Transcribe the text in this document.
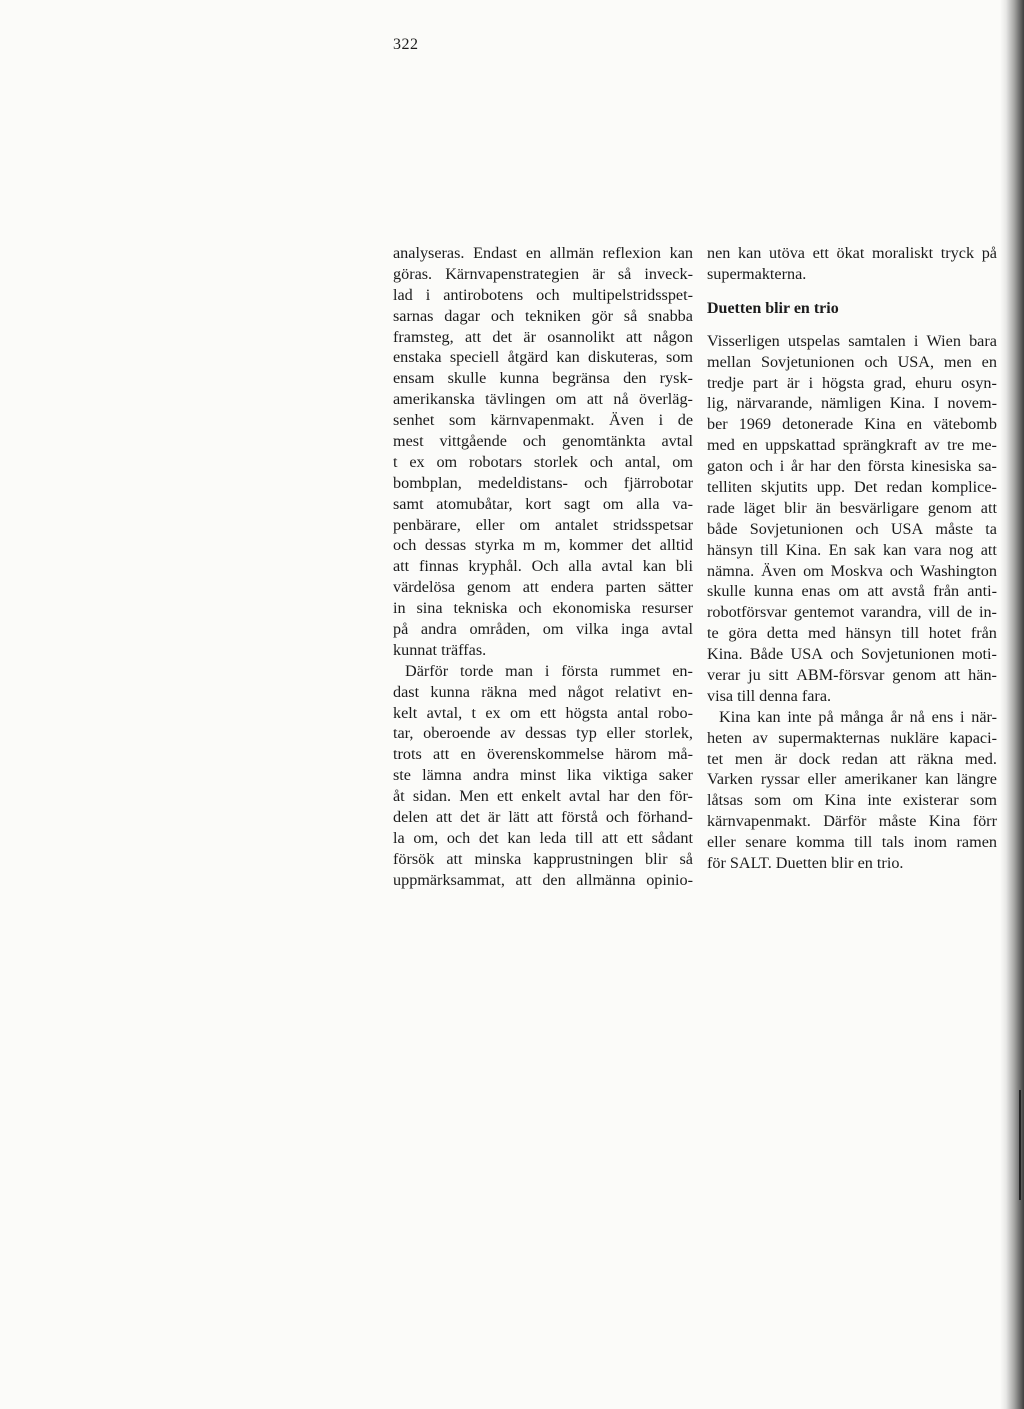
322
analyseras. Endast en allmän reflexion kan
göras. Kärnvapenstrategien är så inveck-
lad i antirobotens och multipelstridsspet-
sarnas dagar och tekniken gör så snabba
framsteg, att det är osannolikt att någon
enstaka speciell åtgärd kan diskuteras, som
ensam skulle kunna begränsa den rysk-
amerikanska tävlingen om att nå överläg-
senhet som kärnvapenmakt. Även i de
mest vittgående och genomtänkta avtal
t ex om robotars storlek och antal, om
bombplan, medeldistans- och fjärrobotar
samt atomubåtar, kort sagt om alla va-
penbärare, eller om antalet stridsspetsar
och dessas styrka m m, kommer det alltid
att finnas kryphål. Och alla avtal kan bli
värdelösa genom att endera parten sätter
in sina tekniska och ekonomiska resurser
på andra områden, om vilka inga avtal
kunnat träffas.
Därför torde man i första rummet en-
dast kunna räkna med något relativt en-
kelt avtal, t ex om ett högsta antal robo-
tar, oberoende av dessas typ eller storlek,
trots att en överenskommelse härom må-
ste lämna andra minst lika viktiga saker
åt sidan. Men ett enkelt avtal har den för-
delen att det är lätt att förstå och förhand-
la om, och det kan leda till att ett sådant
försök att minska kapprustningen blir så
uppmärksammat, att den allmänna opinio-
nen kan utöva ett ökat moraliskt tryck på
supermakterna.
Duetten blir en trio
Visserligen utspelas samtalen i Wien bara
mellan Sovjetunionen och USA, men en
tredje part är i högsta grad, ehuru osyn-
lig, närvarande, nämligen Kina. I novem-
ber 1969 detonerade Kina en vätebomb
med en uppskattad sprängkraft av tre me-
gaton och i år har den första kinesiska sa-
telliten skjutits upp. Det redan komplice-
rade läget blir än besvärligare genom att
både Sovjetunionen och USA måste ta
hänsyn till Kina. En sak kan vara nog att
nämna. Även om Moskva och Washington
skulle kunna enas om att avstå från anti-
robotförsvar gentemot varandra, vill de in-
te göra detta med hänsyn till hotet från
Kina. Både USA och Sovjetunionen moti-
verar ju sitt ABM-försvar genom att hän-
visa till denna fara.
Kina kan inte på många år nå ens i när-
heten av supermakternas nukläre kapaci-
tet men är dock redan att räkna med.
Varken ryssar eller amerikaner kan längre
låtsas som om Kina inte existerar som
kärnvapenmakt. Därför måste Kina förr
eller senare komma till tals inom ramen
för SALT. Duetten blir en trio.
